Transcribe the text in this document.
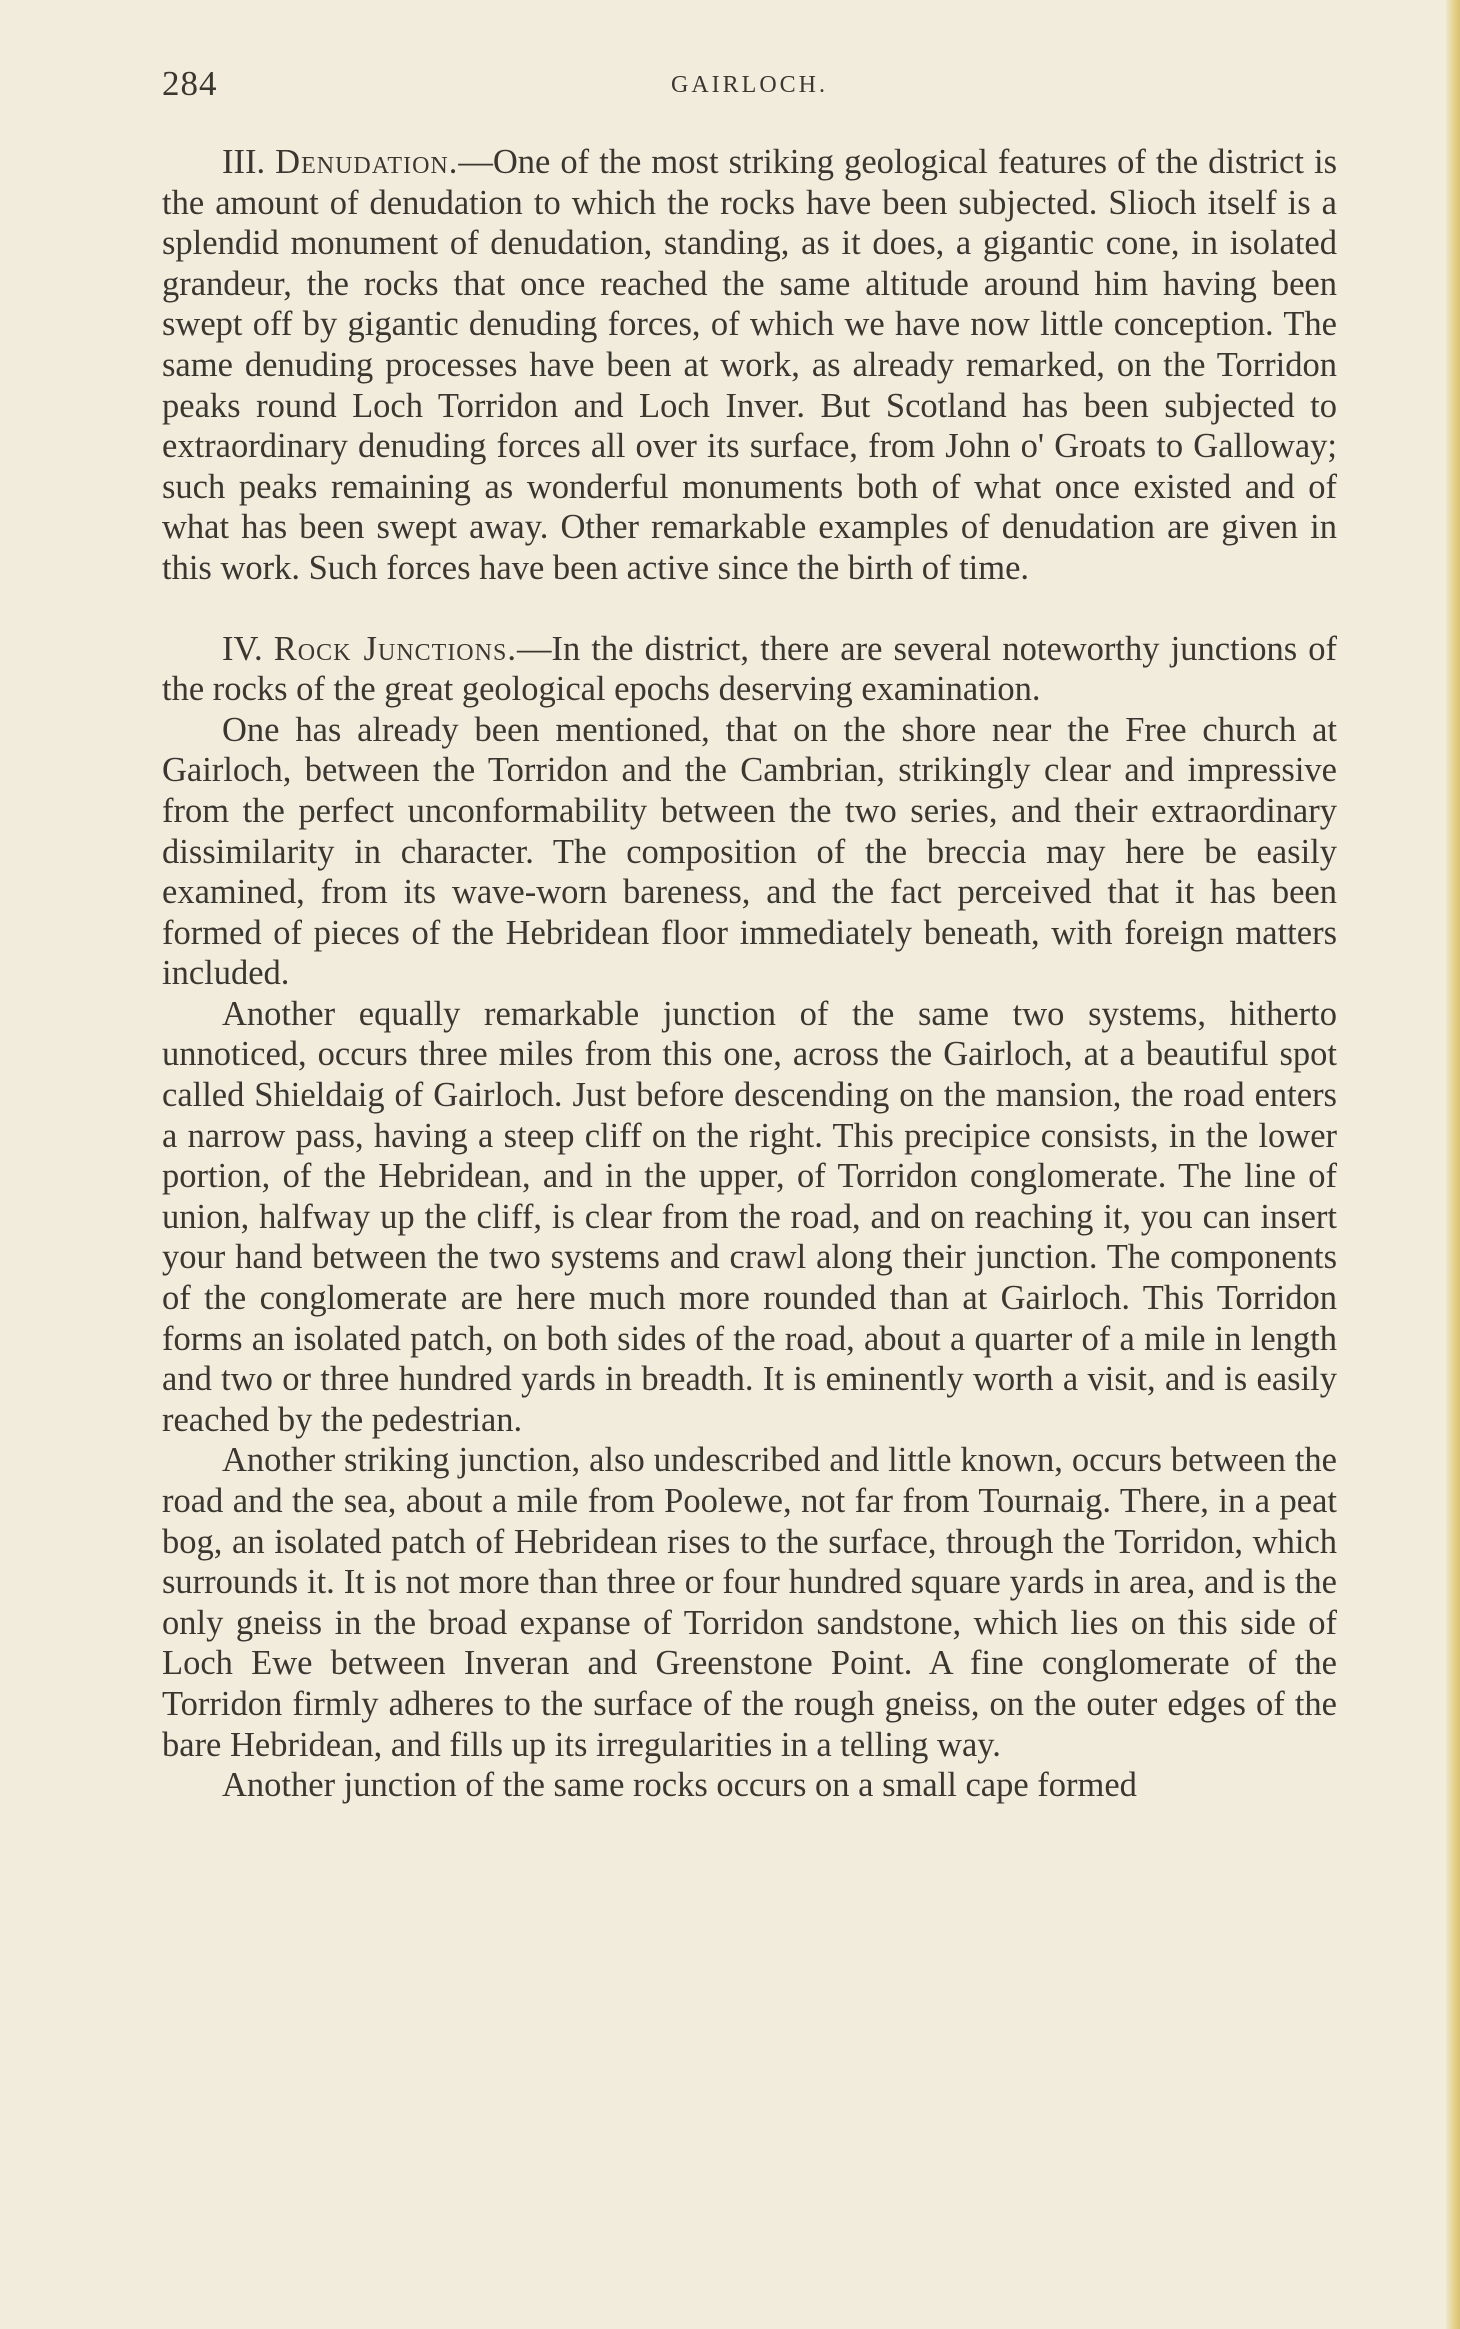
284	GAIRLOCH.

III. Denudation.—One of the most striking geological features of the district is the amount of denudation to which the rocks have been subjected. Slioch itself is a splendid monument of denudation, standing, as it does, a gigantic cone, in isolated grandeur, the rocks that once reached the same altitude around him having been swept off by gigantic denuding forces, of which we have now little conception. The same denuding processes have been at work, as already remarked, on the Torridon peaks round Loch Torridon and Loch Inver. But Scotland has been subjected to extraordinary denuding forces all over its surface, from John o' Groats to Galloway; such peaks remaining as wonderful monuments both of what once existed and of what has been swept away. Other remarkable examples of denudation are given in this work. Such forces have been active since the birth of time.

IV. Rock Junctions.—In the district, there are several noteworthy junctions of the rocks of the great geological epochs deserving examination.

One has already been mentioned, that on the shore near the Free church at Gairloch, between the Torridon and the Cambrian, strikingly clear and impressive from the perfect unconformability between the two series, and their extraordinary dissimilarity in character. The composition of the breccia may here be easily examined, from its wave-worn bareness, and the fact perceived that it has been formed of pieces of the Hebridean floor immediately beneath, with foreign matters included.

Another equally remarkable junction of the same two systems, hitherto unnoticed, occurs three miles from this one, across the Gairloch, at a beautiful spot called Shieldaig of Gairloch. Just before descending on the mansion, the road enters a narrow pass, having a steep cliff on the right. This precipice consists, in the lower portion, of the Hebridean, and in the upper, of Torridon conglomerate. The line of union, halfway up the cliff, is clear from the road, and on reaching it, you can insert your hand between the two systems and crawl along their junction. The components of the conglomerate are here much more rounded than at Gairloch. This Torridon forms an isolated patch, on both sides of the road, about a quarter of a mile in length and two or three hundred yards in breadth. It is eminently worth a visit, and is easily reached by the pedestrian.

Another striking junction, also undescribed and little known, occurs between the road and the sea, about a mile from Poolewe, not far from Tournaig. There, in a peat bog, an isolated patch of Hebridean rises to the surface, through the Torridon, which surrounds it. It is not more than three or four hundred square yards in area, and is the only gneiss in the broad expanse of Torridon sandstone, which lies on this side of Loch Ewe between Inveran and Greenstone Point. A fine conglomerate of the Torridon firmly adheres to the surface of the rough gneiss, on the outer edges of the bare Hebridean, and fills up its irregularities in a telling way.

Another junction of the same rocks occurs on a small cape formed
